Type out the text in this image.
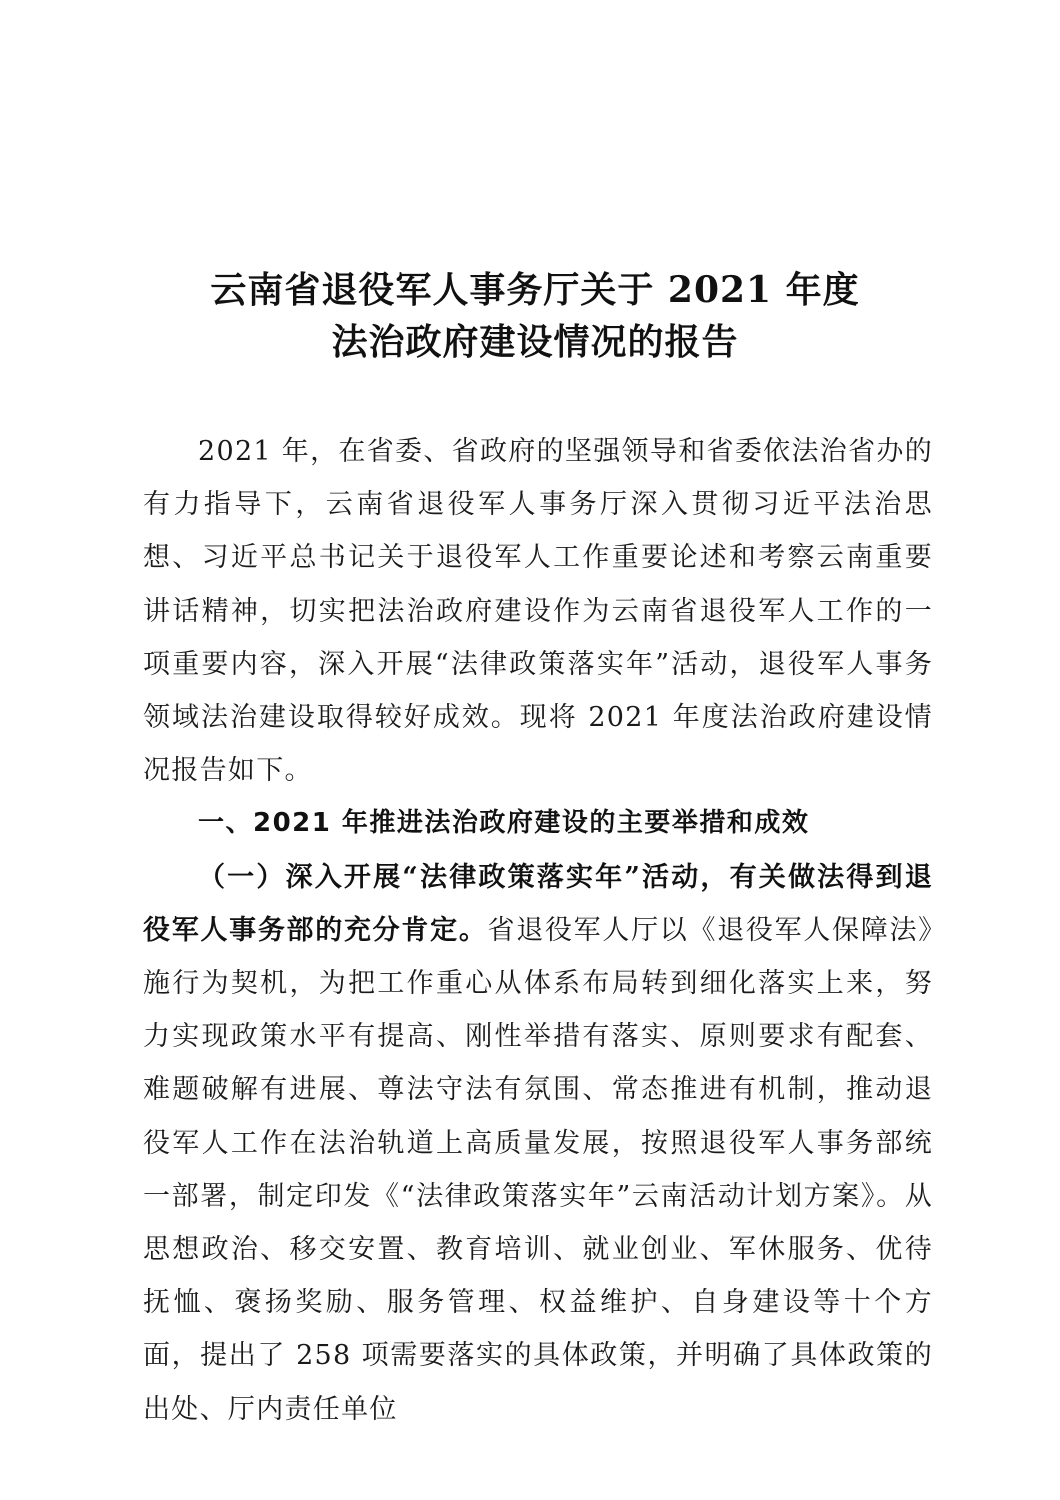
云南省退役军人事务厅关于 2021 年度
法治政府建设情况的报告

2021 年，在省委、省政府的坚强领导和省委依法治省办的有力指导下，云南省退役军人事务厅深入贯彻习近平法治思想、习近平总书记关于退役军人工作重要论述和考察云南重要讲话精神，切实把法治政府建设作为云南省退役军人工作的一项重要内容，深入开展“法律政策落实年”活动，退役军人事务领域法治建设取得较好成效。现将 2021 年度法治政府建设情况报告如下。

一、2021 年推进法治政府建设的主要举措和成效

（一）深入开展“法律政策落实年”活动，有关做法得到退役军人事务部的充分肯定。省退役军人厅以《退役军人保障法》施行为契机，为把工作重心从体系布局转到细化落实上来，努力实现政策水平有提高、刚性举措有落实、原则要求有配套、难题破解有进展、尊法守法有氛围、常态推进有机制，推动退役军人工作在法治轨道上高质量发展，按照退役军人事务部统一部署，制定印发《“法律政策落实年”云南活动计划方案》。从思想政治、移交安置、教育培训、就业创业、军休服务、优待抚恤、褒扬奖励、服务管理、权益维护、自身建设等十个方面，提出了 258 项需要落实的具体政策，并明确了具体政策的出处、厅内责任单位
